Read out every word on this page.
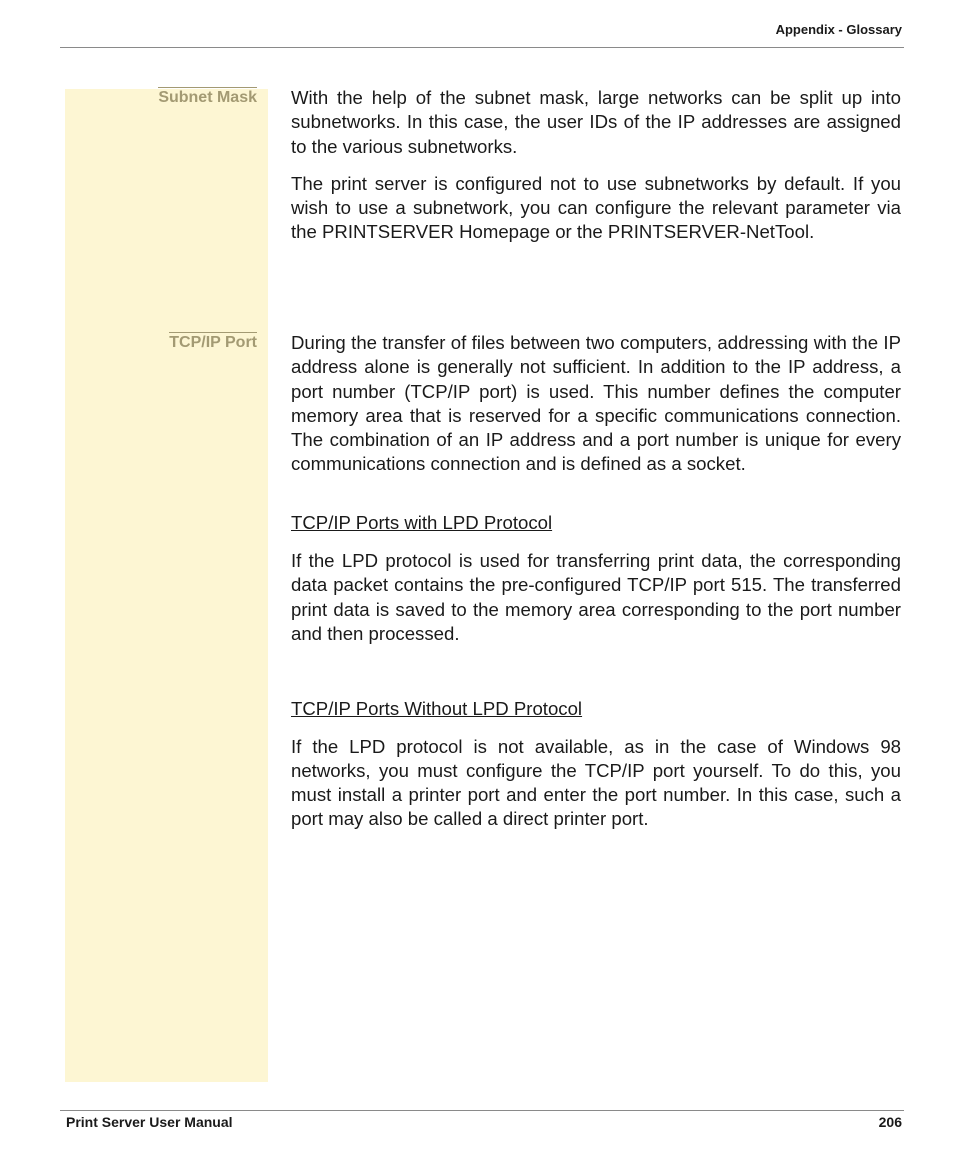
Appendix - Glossary
Subnet Mask With the help of the subnet mask, large networks can be split up into subnetworks. In this case, the user IDs of the IP addresses are assigned to the various subnetworks.

The print server is configured not to use subnetworks by default. If you wish to use a subnetwork, you can configure the relevant parameter via the PRINTSERVER Homepage or the PRINTSERVER-NetTool.

TCP/IP Port During the transfer of files between two computers, addressing with the IP address alone is generally not sufficient. In addition to the IP address, a port number (TCP/IP port) is used. This number defines the computer memory area that is reserved for a specific communications connection. The combination of an IP address and a port number is unique for every communications connection and is defined as a socket.

TCP/IP Ports with LPD Protocol

If the LPD protocol is used for transferring print data, the corresponding data packet contains the pre-configured TCP/IP port 515. The transferred print data is saved to the memory area corresponding to the port number and then processed.

TCP/IP Ports Without LPD Protocol

If the LPD protocol is not available, as in the case of Windows 98 networks, you must configure the TCP/IP port yourself. To do this, you must install a printer port and enter the port number. In this case, such a port may also be called a direct printer port.

Print Server User Manual	206
